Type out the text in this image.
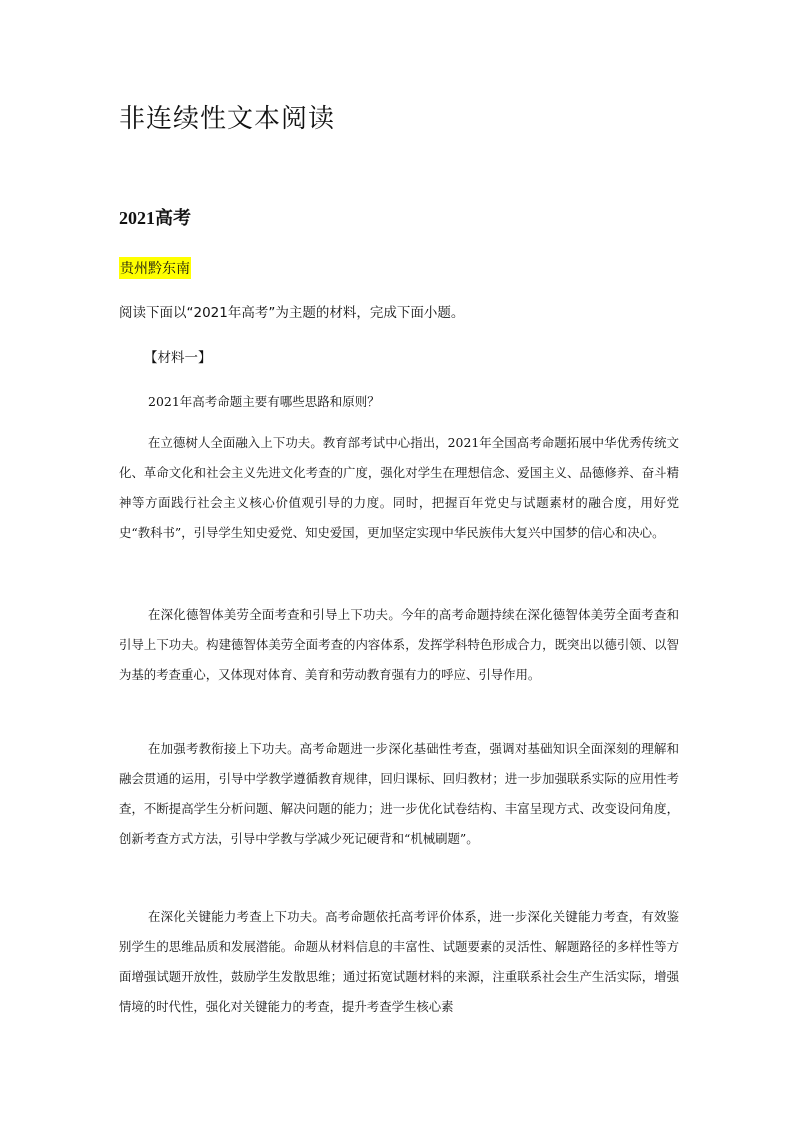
非连续性文本阅读
2021高考
贵州黔东南
阅读下面以“2021年高考”为主题的材料，完成下面小题。
【材料一】
2021年高考命题主要有哪些思路和原则？

在立德树人全面融入上下功夫。教育部考试中心指出，2021年全国高考命题拓展中华优秀传统文化、革命文化和社会主义先进文化考查的广度，强化对学生在理想信念、爱国主义、品德修养、奋斗精神等方面践行社会主义核心价值观引导的力度。同时，把握百年党史与试题素材的融合度，用好党史“教科书”，引导学生知史爱党、知史爱国，更加坚定实现中华民族伟大复兴中国梦的信心和决心。

在深化德智体美劳全面考查和引导上下功夫。今年的高考命题持续在深化德智体美劳全面考查和引导上下功夫。构建德智体美劳全面考查的内容体系，发挥学科特色形成合力，既突出以德引领、以智为基的考查重心，又体现对体育、美育和劳动教育强有力的呼应、引导作用。

在加强考教衔接上下功夫。高考命题进一步深化基础性考查，强调对基础知识全面深刻的理解和融会贯通的运用，引导中学教学遵循教育规律，回归课标、回归教材；进一步加强联系实际的应用性考查，不断提高学生分析问题、解决问题的能力；进一步优化试卷结构、丰富呈现方式、改变设问角度，创新考查方式方法，引导中学教与学减少死记硬背和“机械刷题”。

在深化关键能力考查上下功夫。高考命题依托高考评价体系，进一步深化关键能力考查，有效鉴别学生的思维品质和发展潜能。命题从材料信息的丰富性、试题要素的灵活性、解题路径的多样性等方面增强试题开放性，鼓励学生发散思维；通过拓宽试题材料的来源，注重联系社会生产生活实际，增强情境的时代性，强化对关键能力的考查，提升考查学生核心素
